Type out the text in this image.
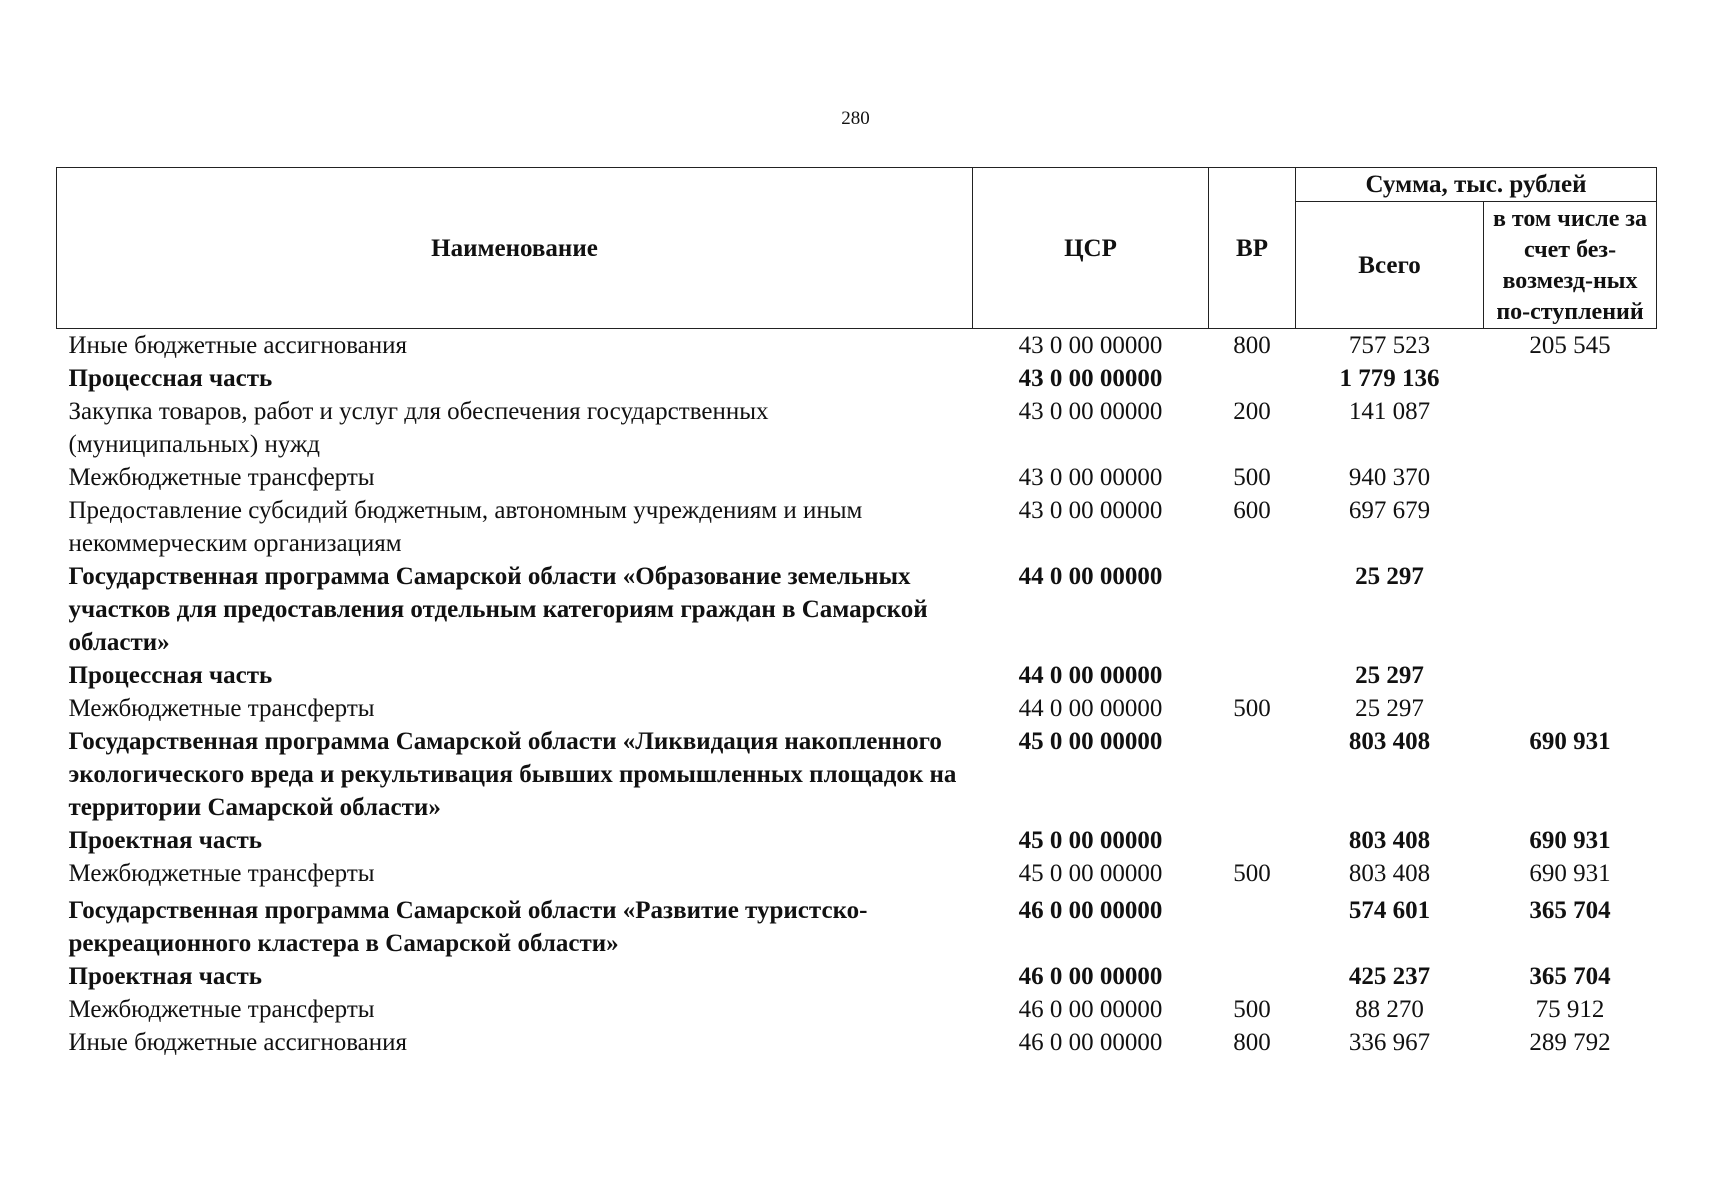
280
Наименование	ЦСР	ВР	Сумма, тыс. рублей	
			Всего	в том числе за счет без-возмезд-ных по-ступлений
Иные бюджетные ассигнования	43 0 00 00000	800	757 523	205 545
Процессная часть	43 0 00 00000		1 779 136	
Закупка товаров, работ и услуг для обеспечения государственных (муниципальных) нужд	43 0 00 00000	200	141 087	
Межбюджетные трансферты	43 0 00 00000	500	940 370	
Предоставление субсидий бюджетным, автономным учреждениям и иным некоммерческим организациям	43 0 00 00000	600	697 679	
Государственная программа Самарской области «Образование земельных участков для предоставления отдельным категориям граждан в Самарской области»	44 0 00 00000		25 297	
Процессная часть	44 0 00 00000		25 297	
Межбюджетные трансферты	44 0 00 00000	500	25 297	
Государственная программа Самарской области «Ликвидация накопленного экологического вреда и рекультивация бывших промышленных площадок на территории Самарской области»	45 0 00 00000		803 408	690 931
Проектная часть	45 0 00 00000		803 408	690 931
Межбюджетные трансферты	45 0 00 00000	500	803 408	690 931
Государственная программа Самарской области «Развитие туристско-рекреационного кластера в Самарской области»	46 0 00 00000		574 601	365 704
Проектная часть	46 0 00 00000		425 237	365 704
Межбюджетные трансферты	46 0 00 00000	500	88 270	75 912
Иные бюджетные ассигнования	46 0 00 00000	800	336 967	289 792
